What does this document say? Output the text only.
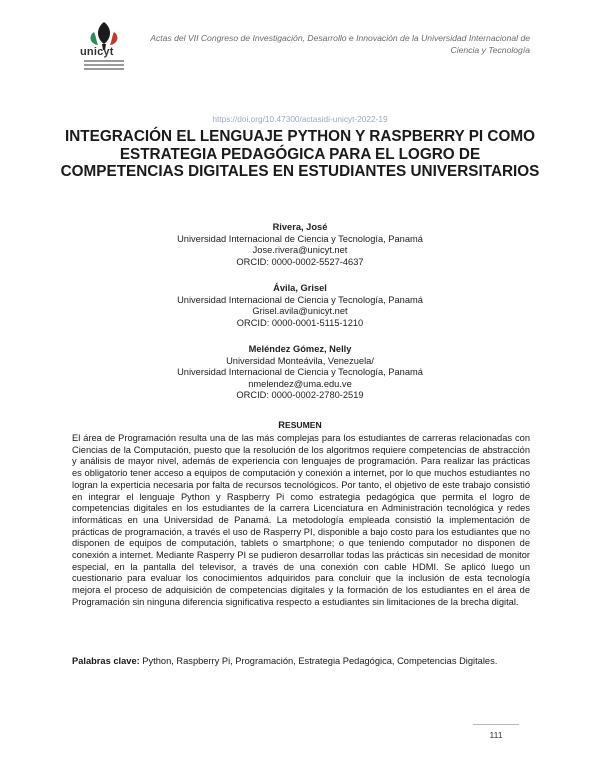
unicyt
Actas del VII Congreso de Investigación, Desarrollo e Innovación de la Universidad Internacional de Ciencia y Tecnología
https://doi.org/10.47300/actasidi-unicyt-2022-19
INTEGRACIÓN EL LENGUAJE PYTHON Y RASPBERRY PI COMO ESTRATEGIA PEDAGÓGICA PARA EL LOGRO DE COMPETENCIAS DIGITALES EN ESTUDIANTES UNIVERSITARIOS
Rivera, José
Universidad Internacional de Ciencia y Tecnología, Panamá
Jose.rivera@unicyt.net
ORCID: 0000-0002-5527-4637
Ávila, Grisel
Universidad Internacional de Ciencia y Tecnología, Panamá
Grisel.avila@unicyt.net
ORCID: 0000-0001-5115-1210
Meléndez Gómez, Nelly
Universidad Monteávila, Venezuela/
Universidad Internacional de Ciencia y Tecnología, Panamá
nmelendez@uma.edu.ve
ORCID: 0000-0002-2780-2519
RESUMEN

El área de Programación resulta una de las más complejas para los estudiantes de carreras relacionadas con Ciencias de la Computación, puesto que la resolución de los algoritmos requiere competencias de abstracción y análisis de mayor nivel, además de experiencia con lenguajes de programación. Para realizar las prácticas es obligatorio tener acceso a equipos de computación y conexión a internet, por lo que muchos estudiantes no logran la experticia necesaria por falta de recursos tecnológicos. Por tanto, el objetivo de este trabajo consistió en integrar el lenguaje Python y Raspberry Pi como estrategia pedagógica que permita el logro de competencias digitales en los estudiantes de la carrera Licenciatura en Administración tecnológica y redes informáticas en una Universidad de Panamá. La metodología empleada consistió la implementación de prácticas de programación, a través el uso de Rasperry PI, disponible a bajo costo para los estudiantes que no disponen de equipos de computación, tablets o smartphone; o que teniendo computador no disponen de conexión a internet. Mediante Rasperry PI se pudieron desarrollar todas las prácticas sin necesidad de monitor especial, en la pantalla del televisor, a través de una conexión con cable HDMI. Se aplicó luego un cuestionario para evaluar los conocimientos adquiridos para concluir que la inclusión de esta tecnología mejora el proceso de adquisición de competencias digitales y la formación de los estudiantes en el área de Programación sin ninguna diferencia significativa respecto a estudiantes sin limitaciones de la brecha digital.

Palabras clave: Python, Raspberry Pi, Programación, Estrategia Pedagógica, Competencias Digitales.

111
